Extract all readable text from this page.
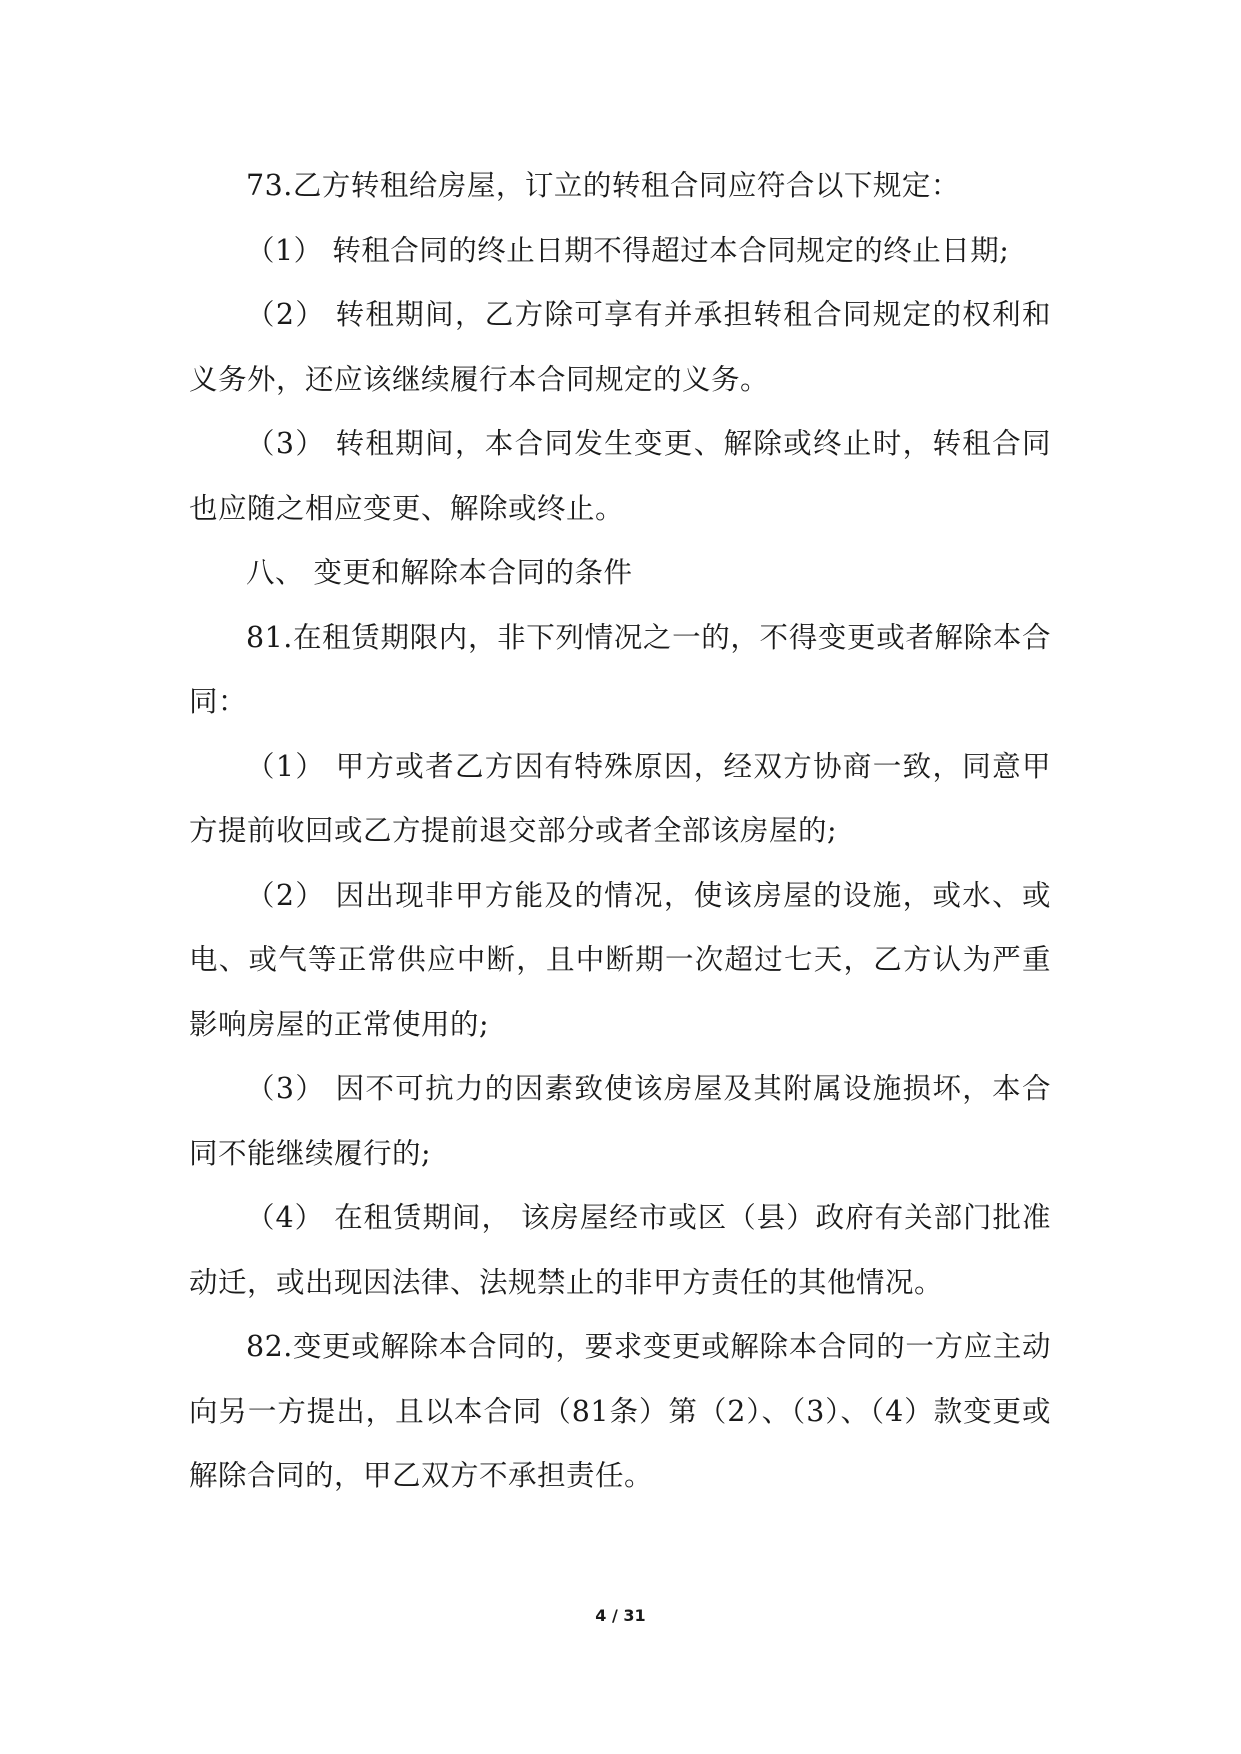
73.乙方转租给房屋，订立的转租合同应符合以下规定：

（1） 转租合同的终止日期不得超过本合同规定的终止日期;

（2） 转租期间，乙方除可享有并承担转租合同规定的权利和义务外，还应该继续履行本合同规定的义务。

（3） 转租期间，本合同发生变更、解除或终止时，转租合同也应随之相应变更、解除或终止。

八、 变更和解除本合同的条件

81.在租赁期限内，非下列情况之一的，不得变更或者解除本合同：

（1） 甲方或者乙方因有特殊原因，经双方协商一致，同意甲方提前收回或乙方提前退交部分或者全部该房屋的;

（2） 因出现非甲方能及的情况，使该房屋的设施，或水、或电、或气等正常供应中断，且中断期一次超过七天，乙方认为严重影响房屋的正常使用的;

（3） 因不可抗力的因素致使该房屋及其附属设施损坏，本合同不能继续履行的;

（4） 在租赁期间， 该房屋经市或区（县）政府有关部门批准动迁，或出现因法律、法规禁止的非甲方责任的其他情况。

82.变更或解除本合同的，要求变更或解除本合同的一方应主动向另一方提出，且以本合同（81条）第（2）、（3）、（4）款变更或解除合同的，甲乙双方不承担责任。

4 / 31
